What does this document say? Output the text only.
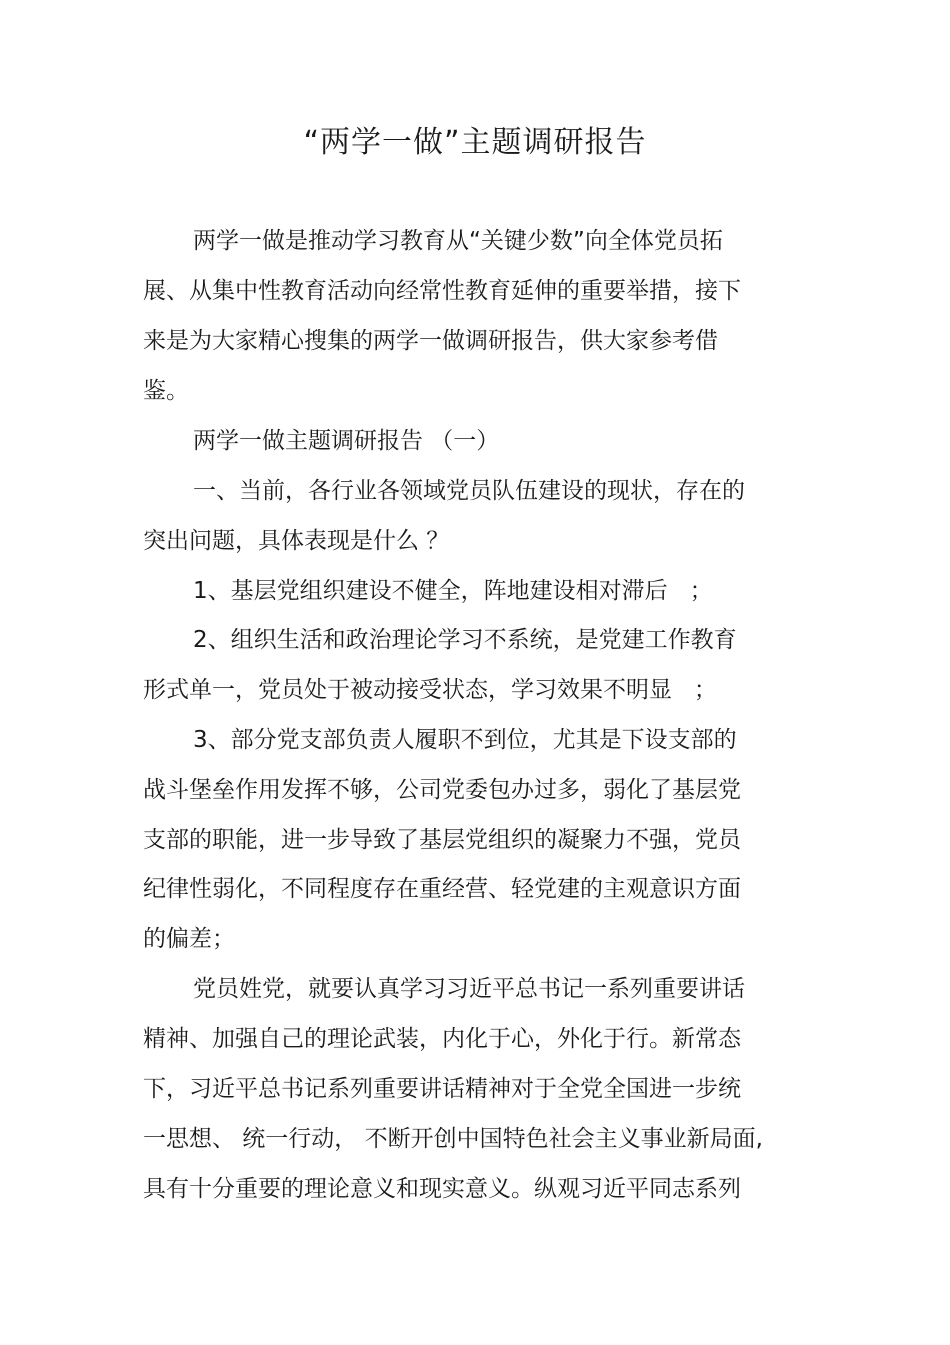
“两学一做”主题调研报告

两学一做是推动学习教育从“关键少数”向全体党员拓

展、从集中性教育活动向经常性教育延伸的重要举措，接下

来是为大家精心搜集的两学一做调研报告，供大家参考借

鉴。

两学一做主题调研报告 （一）

一、当前，各行业各领域党员队伍建设的现状，存在的

突出问题，具体表现是什么 ？

1、基层党组织建设不健全，阵地建设相对滞后   ；

2、组织生活和政治理论学习不系统，是党建工作教育

形式单一，党员处于被动接受状态，学习效果不明显   ；

3、部分党支部负责人履职不到位，尤其是下设支部的

战斗堡垒作用发挥不够，公司党委包办过多，弱化了基层党

支部的职能，进一步导致了基层党组织的凝聚力不强，党员

纪律性弱化，不同程度存在重经营、轻党建的主观意识方面

的偏差；

党员姓党，就要认真学习习近平总书记一系列重要讲话

精神、加强自己的理论武装，内化于心，外化于行。新常态

下，习近平总书记系列重要讲话精神对于全党全国进一步统

一思想、 统一行动， 不断开创中国特色社会主义事业新局面,

具有十分重要的理论意义和现实意义。纵观习近平同志系列
